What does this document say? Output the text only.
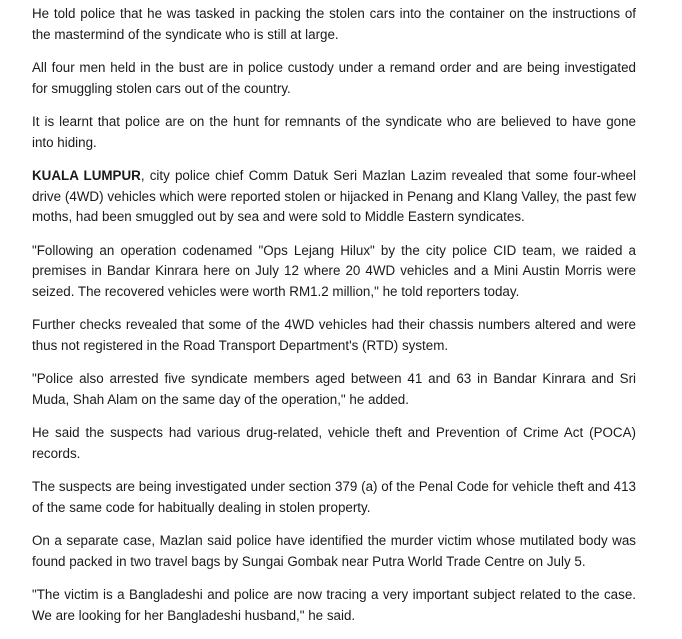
He told police that he was tasked in packing the stolen cars into the container on the instructions of the mastermind of the syndicate who is still at large.

All four men held in the bust are in police custody under a remand order and are being investigated for smuggling stolen cars out of the country.

It is learnt that police are on the hunt for remnants of the syndicate who are believed to have gone into hiding.

KUALA LUMPUR, city police chief Comm Datuk Seri Mazlan Lazim revealed that some four-wheel drive (4WD) vehicles which were reported stolen or hijacked in Penang and Klang Valley, the past few moths, had been smuggled out by sea and were sold to Middle Eastern syndicates.

"Following an operation codenamed "Ops Lejang Hilux" by the city police CID team, we raided a premises in Bandar Kinrara here on July 12 where 20 4WD vehicles and a Mini Austin Morris were seized. The recovered vehicles were worth RM1.2 million," he told reporters today.

Further checks revealed that some of the 4WD vehicles had their chassis numbers altered and were thus not registered in the Road Transport Department's (RTD) system.

"Police also arrested five syndicate members aged between 41 and 63 in Bandar Kinrara and Sri Muda, Shah Alam on the same day of the operation," he added.

He said the suspects had various drug-related, vehicle theft and Prevention of Crime Act (POCA) records.

The suspects are being investigated under section 379 (a) of the Penal Code for vehicle theft and 413 of the same code for habitually dealing in stolen property.

On a separate case, Mazlan said police have identified the murder victim whose mutilated body was found packed in two travel bags by Sungai Gombak near Putra World Trade Centre on July 5.

"The victim is a Bangladeshi and police are now tracing a very important subject related to the case. We are looking for her Bangladeshi husband," he said.
